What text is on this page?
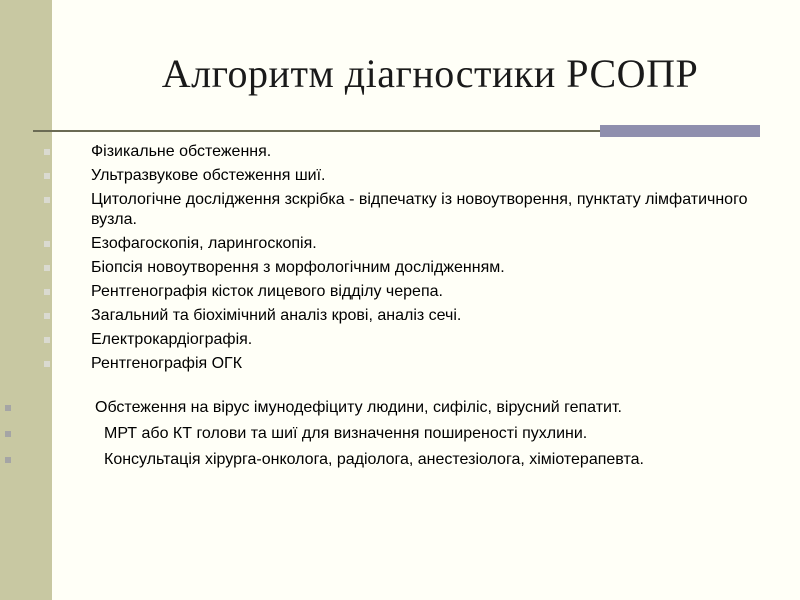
Алгоритм діагностики РСОПР
Фізикальне обстеження.
Ультразвукове обстеження шиї.
Цитологічне дослідження зскрібка - відпечатку із новоутворення, пунктату лімфатичного вузла.
Езофагоскопія, ларингоскопія.
Біопсія новоутворення з морфологічним дослідженням.
Рентгенографія кісток лицевого відділу черепа.
Загальний та біохімічний аналіз крові, аналіз сечі.
Електрокардіографія.
Рентгенографія ОГК
Обстеження на вірус імунодефіциту людини, сифіліс, вірусний гепатит.
МРТ або КТ голови та шиї для визначення поширеності пухлини.
Консультація хірурга-онколога, радіолога, анестезіолога, хіміотерапевта.
